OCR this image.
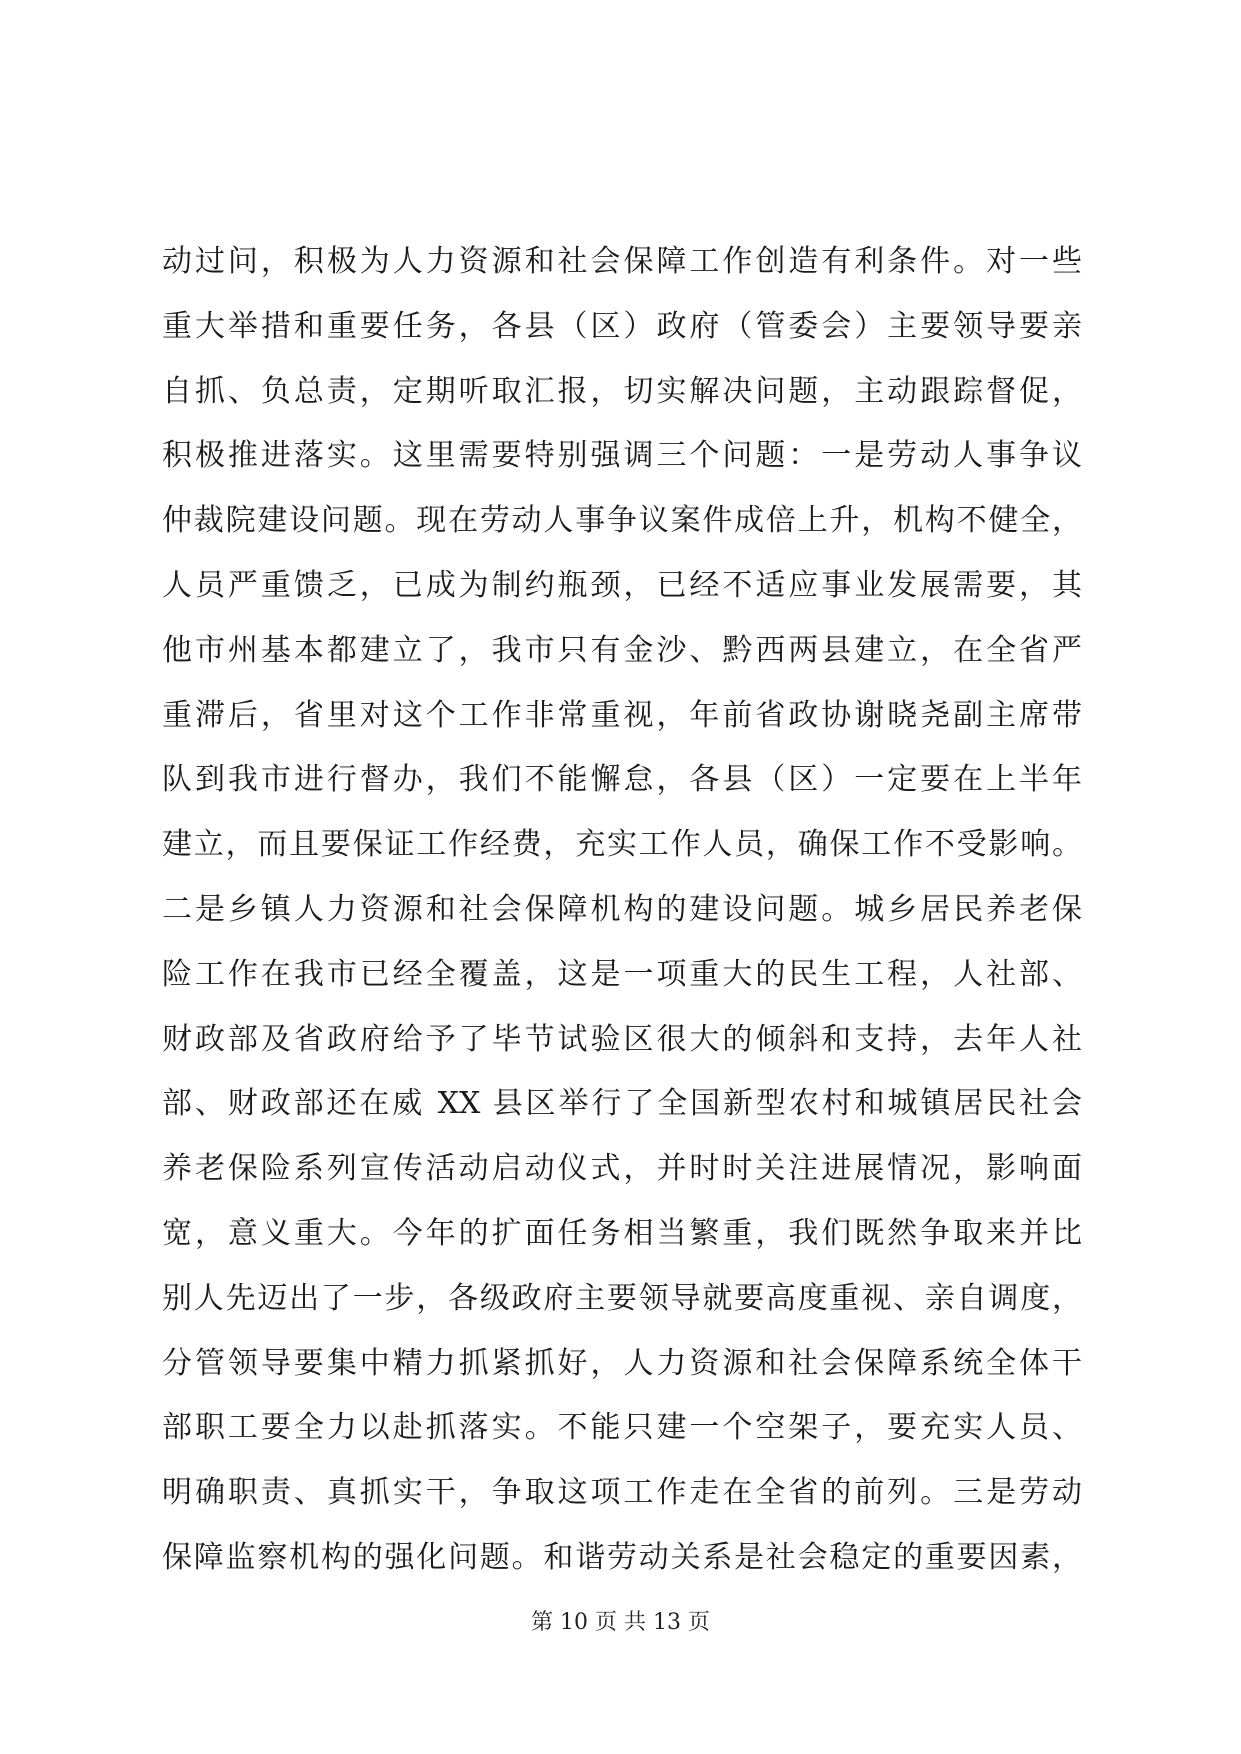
动过问，积极为人力资源和社会保障工作创造有利条件。对一些
重大举措和重要任务，各县（区）政府（管委会）主要领导要亲
自抓、负总责，定期听取汇报，切实解决问题，主动跟踪督促，
积极推进落实。这里需要特别强调三个问题：一是劳动人事争议
仲裁院建设问题。现在劳动人事争议案件成倍上升，机构不健全，
人员严重馈乏，已成为制约瓶颈，已经不适应事业发展需要，其
他市州基本都建立了，我市只有金沙、黔西两县建立，在全省严
重滞后，省里对这个工作非常重视，年前省政协谢晓尧副主席带
队到我市进行督办，我们不能懈怠，各县（区）一定要在上半年
建立，而且要保证工作经费，充实工作人员，确保工作不受影响。
二是乡镇人力资源和社会保障机构的建设问题。城乡居民养老保
险工作在我市已经全覆盖，这是一项重大的民生工程，人社部、
财政部及省政府给予了毕节试验区很大的倾斜和支持，去年人社
部、财政部还在威 XX 县区举行了全国新型农村和城镇居民社会
养老保险系列宣传活动启动仪式，并时时关注进展情况，影响面
宽，意义重大。今年的扩面任务相当繁重，我们既然争取来并比
别人先迈出了一步，各级政府主要领导就要高度重视、亲自调度，
分管领导要集中精力抓紧抓好，人力资源和社会保障系统全体干
部职工要全力以赴抓落实。不能只建一个空架子，要充实人员、
明确职责、真抓实干，争取这项工作走在全省的前列。三是劳动
保障监察机构的强化问题。和谐劳动关系是社会稳定的重要因素，
第 10 页 共 13 页
